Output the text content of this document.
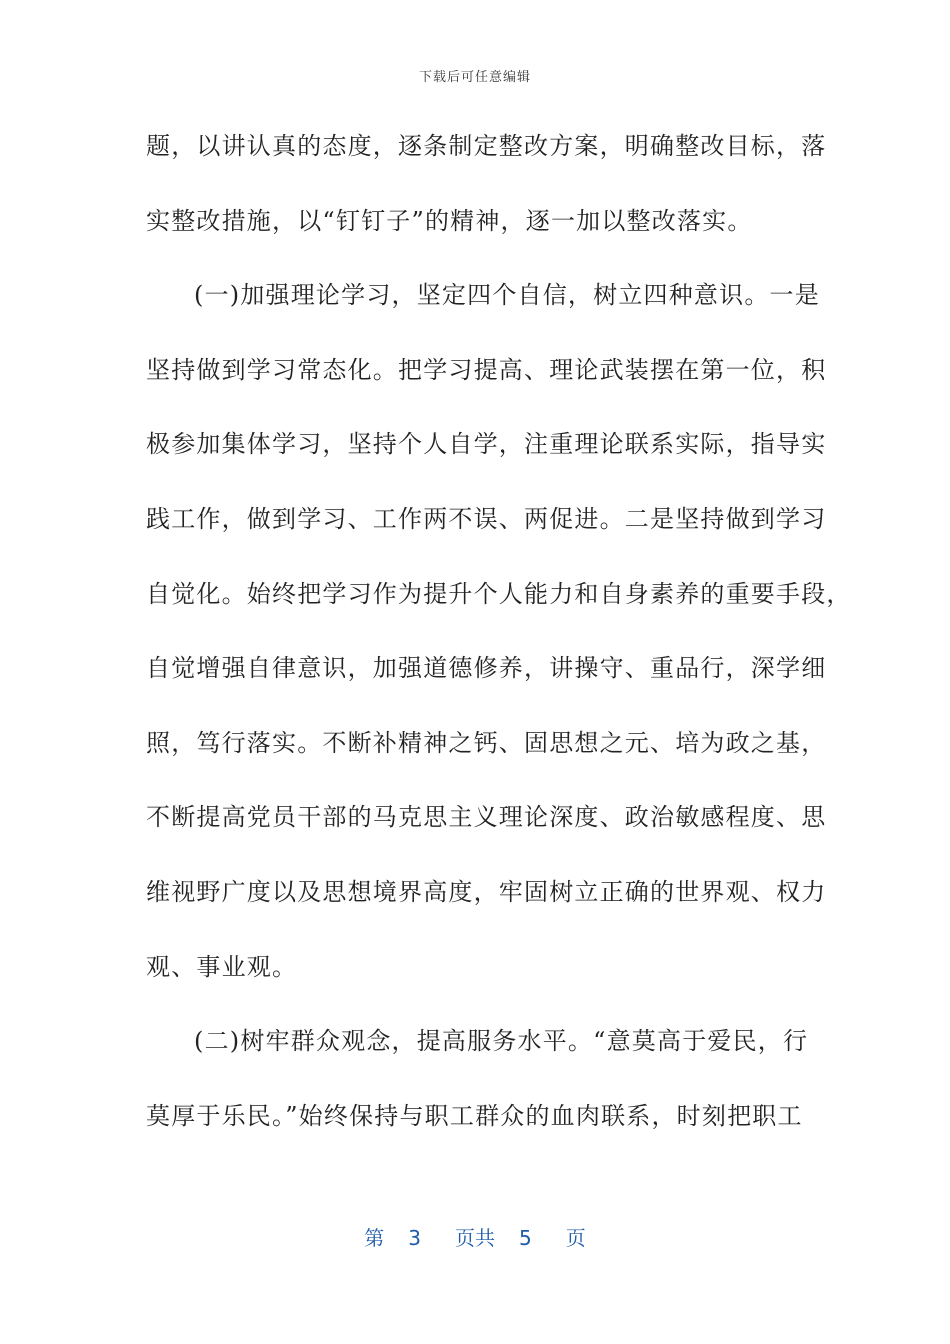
下载后可任意编辑
题，以讲认真的态度，逐条制定整改方案，明确整改目标，落
实整改措施，以“钉钉子”的精神，逐一加以整改落实。
(一)加强理论学习，坚定四个自信，树立四种意识。一是
坚持做到学习常态化。把学习提高、理论武装摆在第一位，积
极参加集体学习，坚持个人自学，注重理论联系实际，指导实
践工作，做到学习、工作两不误、两促进。二是坚持做到学习
自觉化。始终把学习作为提升个人能力和自身素养的重要手段，
自觉增强自律意识，加强道德修养，讲操守、重品行，深学细
照，笃行落实。不断补精神之钙、固思想之元、培为政之基，
不断提高党员干部的马克思主义理论深度、政治敏感程度、思
维视野广度以及思想境界高度，牢固树立正确的世界观、权力
观、事业观。
(二)树牢群众观念，提高服务水平。“意莫高于爱民，行
莫厚于乐民。”始终保持与职工群众的血肉联系，时刻把职工
第 3 页共 5 页
